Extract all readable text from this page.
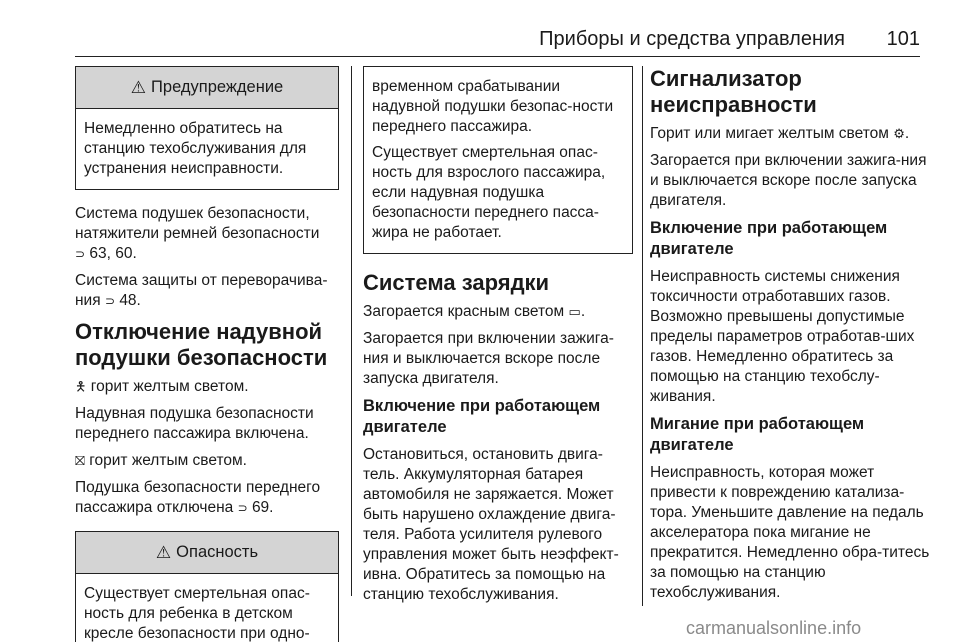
Приборы и средства управления 101
⚠ Предупреждение

Немедленно обратитесь на станцию техобслуживания для устранения неисправности.

Система подушек безопасности, натяжители ремней безопасности
⊃ 63, 60.

Система защиты от переворачива-ния ⊃ 48.

Отключение надувной подушки безопасности

🯅 горит желтым светом.

Надувная подушка безопасности переднего пассажира включена.

⛝ горит желтым светом.

Подушка безопасности переднего пассажира отключена ⊃ 69.

⚠ Опасность

Существует смертельная опас-ность для ребенка в детском кресле безопасности при одно-

временном срабатывании надувной подушки безопас-ности переднего пассажира.

Существует смертельная опас-ность для взрослого пассажира, если надувная подушка безопасности переднего пасса-жира не работает.

Система зарядки

Загорается красным светом ▭.

Загорается при включении зажига-ния и выключается вскоре после запуска двигателя.

Включение при работающем двигателе

Остановиться, остановить двига-тель. Аккумуляторная батарея автомобиля не заряжается. Может быть нарушено охлаждение двига-теля. Работа усилителя рулевого управления может быть неэффект-ивна. Обратитесь за помощью на станцию техобслуживания.

Сигнализатор неисправности

Горит или мигает желтым светом ⚙.

Загорается при включении зажига-ния и выключается вскоре после запуска двигателя.

Включение при работающем двигателе

Неисправность системы снижения токсичности отработавших газов. Возможно превышены допустимые пределы параметров отработав-ших газов. Немедленно обратитесь за помощью на станцию техобслу-живания.

Мигание при работающем двигателе

Неисправность, которая может привести к повреждению катализа-тора. Уменьшите давление на педаль акселератора пока мигание не прекратится. Немедленно обра-титесь за помощью на станцию техобслуживания.

carmanualsonline.info
